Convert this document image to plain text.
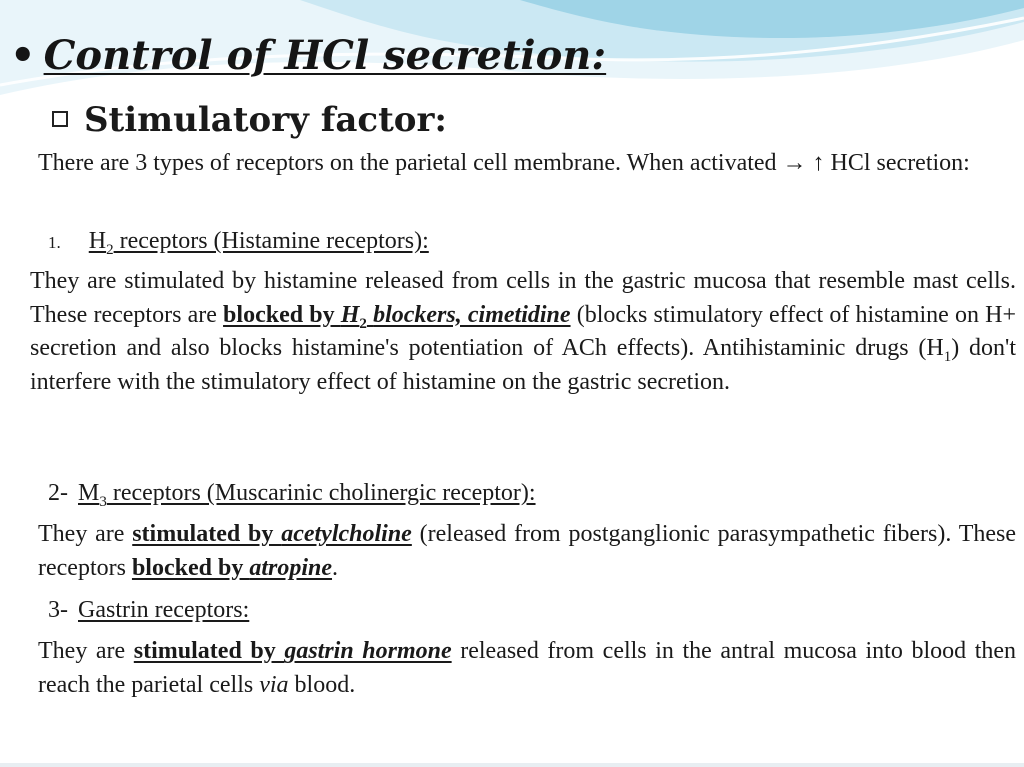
• Control of HCl secretion:
Stimulatory factor:
There are 3 types of receptors on the parietal cell membrane. When activated → ↑ HCl secretion:
1. $H_2$ receptors (Histamine receptors):
They are stimulated by histamine released from cells in the gastric mucosa that resemble mast cells. These receptors are blocked by $H_2$ blockers, cimetidine (blocks stimulatory effect of histamine on H+ secretion and also blocks histamine's potentiation of ACh effects). Antihistaminic drugs $(H_1)$ don't interfere with the stimulatory effect of histamine on the gastric secretion.
2- $M_3$ receptors (Muscarinic cholinergic receptor):
They are stimulated by acetylcholine (released from postganglionic parasympathetic fibers). These receptors blocked by atropine.
3- Gastrin receptors:
They are stimulated by gastrin hormone released from cells in the antral mucosa into blood then reach the parietal cells via blood.
